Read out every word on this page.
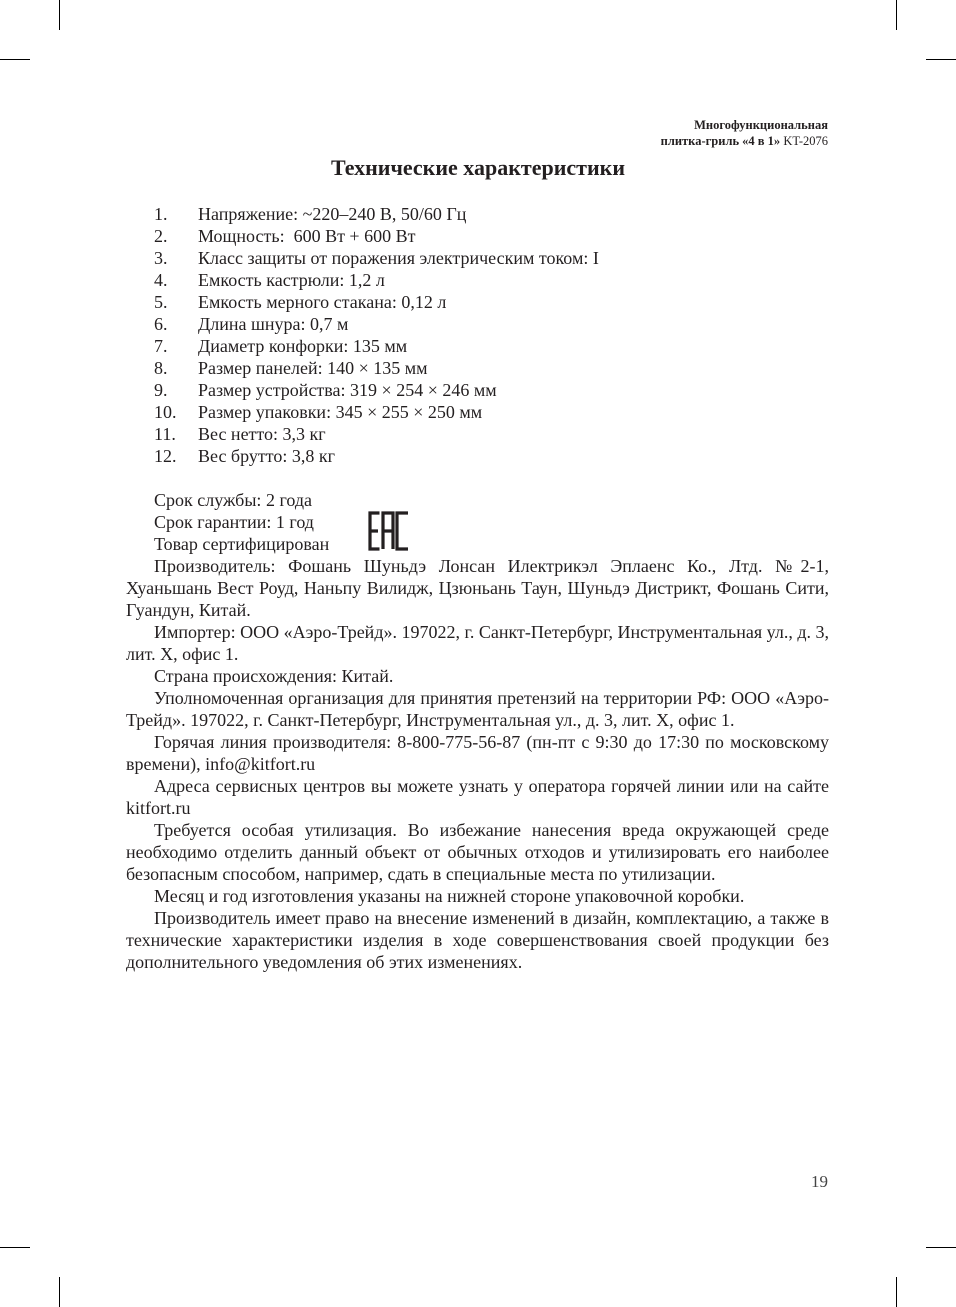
Многофункциональная
плитка-гриль «4 в 1» KT-2076
Технические характеристики
1.	Напряжение: ~220–240 В, 50/60 Гц
2.	Мощность:  600 Вт + 600 Вт
3.	Класс защиты от поражения электрическим током: I
4.	Емкость кастрюли: 1,2 л
5.	Емкость мерного стакана: 0,12 л
6.	Длина шнура: 0,7 м
7.	Диаметр конфорки: 135 мм
8.	Размер панелей: 140 × 135 мм
9.	Размер устройства: 319 × 254 × 246 мм
10.	Размер упаковки: 345 × 255 × 250 мм
11.	Вес нетто: 3,3 кг
12.	Вес брутто: 3,8 кг
Срок службы: 2 года
Срок гарантии: 1 год
Товар сертифицирован

Производитель: Фошань Шуньдэ Лонсан Илектрикэл Эплаенс Ко., Лтд. №2-1, Хуаньшань Вест Роуд, Наньпу Вилидж, Цзюньань Таун, Шуньдэ Дистрикт, Фошань Сити, Гуандун, Китай.

Импортер: ООО «Аэро-Трейд». 197022, г. Санкт-Петербург, Инструментальная ул., д. 3, лит. Х, офис 1.

Страна происхождения: Китай.

Уполномоченная организация для принятия претензий на территории РФ: ООО «Аэро-Трейд». 197022, г. Санкт-Петербург, Инструментальная ул., д. 3, лит. Х, офис 1.

Горячая линия производителя: 8-800-775-56-87 (пн-пт с 9:30 до 17:30 по московскому времени), info@kitfort.ru

Адреса сервисных центров вы можете узнать у оператора горячей линии или на сайте kitfort.ru

Требуется особая утилизация. Во избежание нанесения вреда окружающей среде необходимо отделить данный объект от обычных отходов и утилизировать его наиболее безопасным способом, например, сдать в специальные места по утилизации.

Месяц и год изготовления указаны на нижней стороне упаковочной коробки.

Производитель имеет право на внесение изменений в дизайн, комплектацию, а также в технические характеристики изделия в ходе совершенствования своей продукции без дополнительного уведомления об этих изменениях.

19
